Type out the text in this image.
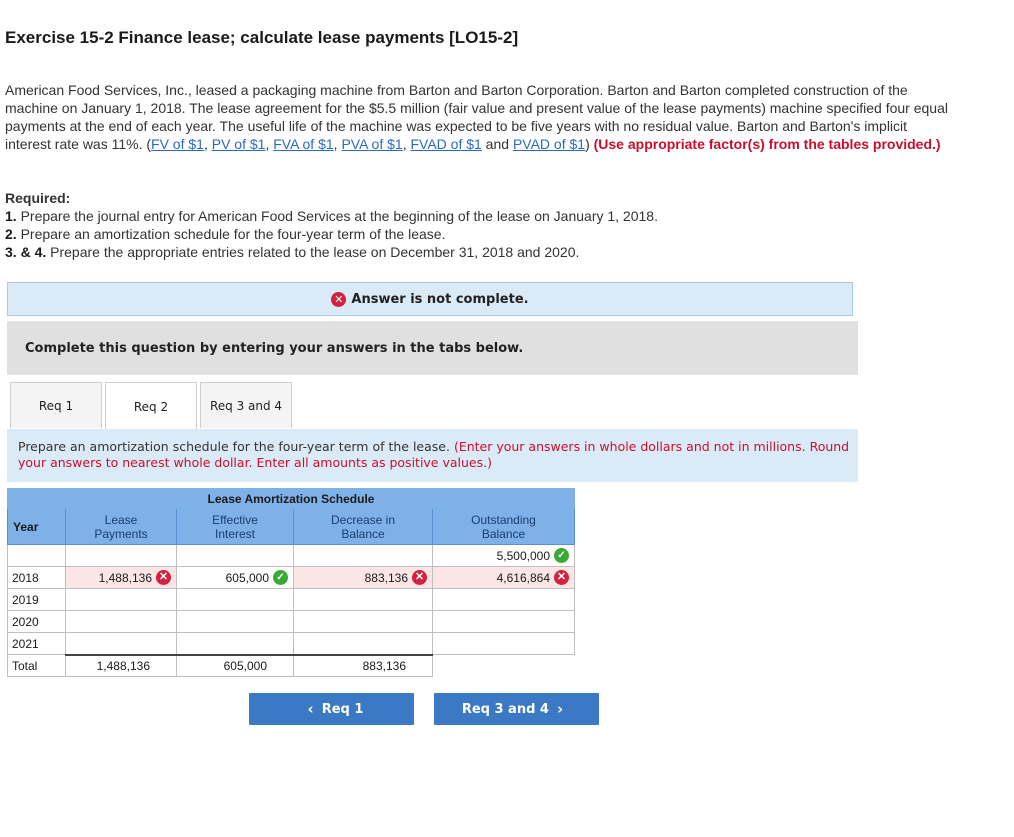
Exercise 15-2 Finance lease; calculate lease payments [LO15-2]
American Food Services, Inc., leased a packaging machine from Barton and Barton Corporation. Barton and Barton completed construction of the machine on January 1, 2018. The lease agreement for the $5.5 million (fair value and present value of the lease payments) machine specified four equal payments at the end of each year. The useful life of the machine was expected to be five years with no residual value. Barton and Barton's implicit interest rate was 11%. (FV of $1, PV of $1, FVA of $1, PVA of $1, FVAD of $1 and PVAD of $1) (Use appropriate factor(s) from the tables provided.)
Required:
1. Prepare the journal entry for American Food Services at the beginning of the lease on January 1, 2018.
2. Prepare an amortization schedule for the four-year term of the lease.
3. & 4. Prepare the appropriate entries related to the lease on December 31, 2018 and 2020.
✕ Answer is not complete.
Complete this question by entering your answers in the tabs below.
Req 1	Req 2	Req 3 and 4
Prepare an amortization schedule for the four-year term of the lease. (Enter your answers in whole dollars and not in millions. Round your answers to nearest whole dollar. Enter all amounts as positive values.)
Lease Amortization Schedule				
Year	Lease Payments	Effective Interest	Decrease in Balance	Outstanding Balance

				5,500,000 ✓

2018	1,488,136 ✕	605,000 ✓	883,136 ✕	4,616,864 ✕

2019				
2020				
2021				
Total	1,488,136	605,000	883,136	

‹ Req 1	Req 3 and 4 ›
